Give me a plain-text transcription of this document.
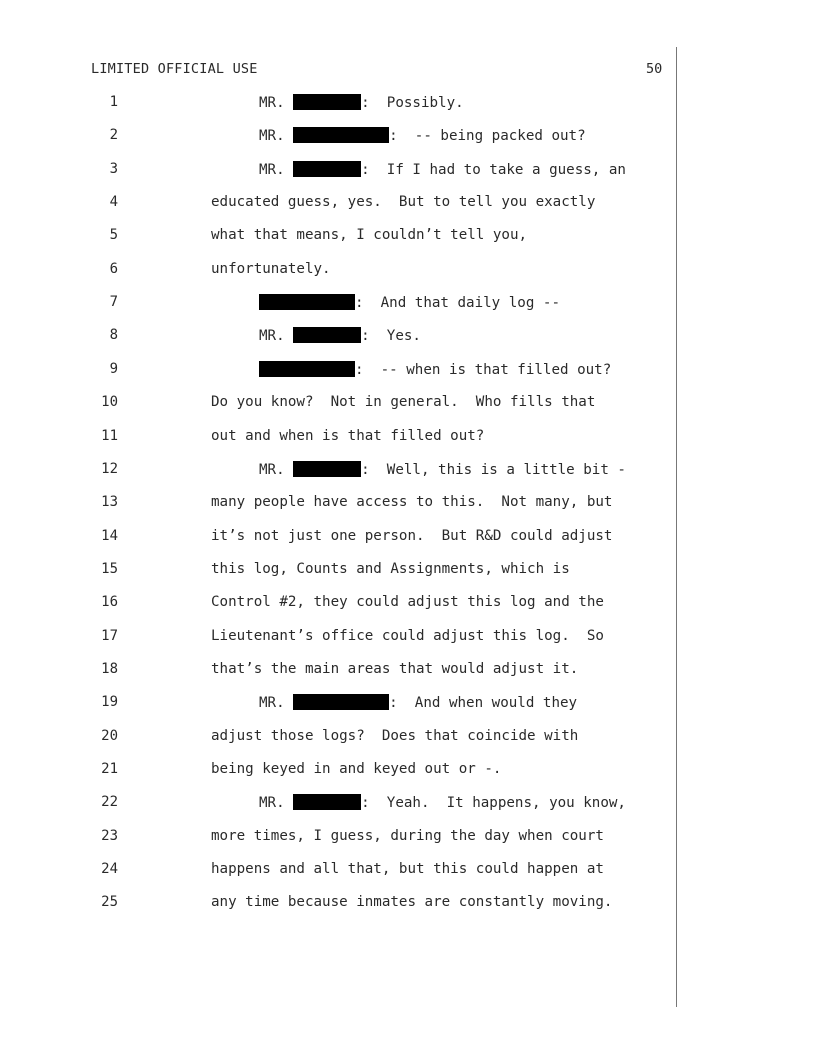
LIMITED OFFICIAL USE	50
1	MR.	:  Possibly.
2	MR.	:  -- being packed out?
3	MR.	:  If I had to take a guess, an
4	educated guess, yes.  But to tell you exactly
5	what that means, I couldn’t tell you,
6	unfortunately.
7	:  And that daily log --
8	MR.	:  Yes.
9	:  -- when is that filled out?
10	Do you know?  Not in general.  Who fills that
11	out and when is that filled out?
12	MR.	:  Well, this is a little bit -
13	many people have access to this.  Not many, but
14	it’s not just one person.  But R&D could adjust
15	this log, Counts and Assignments, which is
16	Control #2, they could adjust this log and the
17	Lieutenant’s office could adjust this log.  So
18	that’s the main areas that would adjust it.
19	MR.	:  And when would they
20	adjust those logs?  Does that coincide with
21	being keyed in and keyed out or -.
22	MR.	:  Yeah.  It happens, you know,
23	more times, I guess, during the day when court
24	happens and all that, but this could happen at
25	any time because inmates are constantly moving.
